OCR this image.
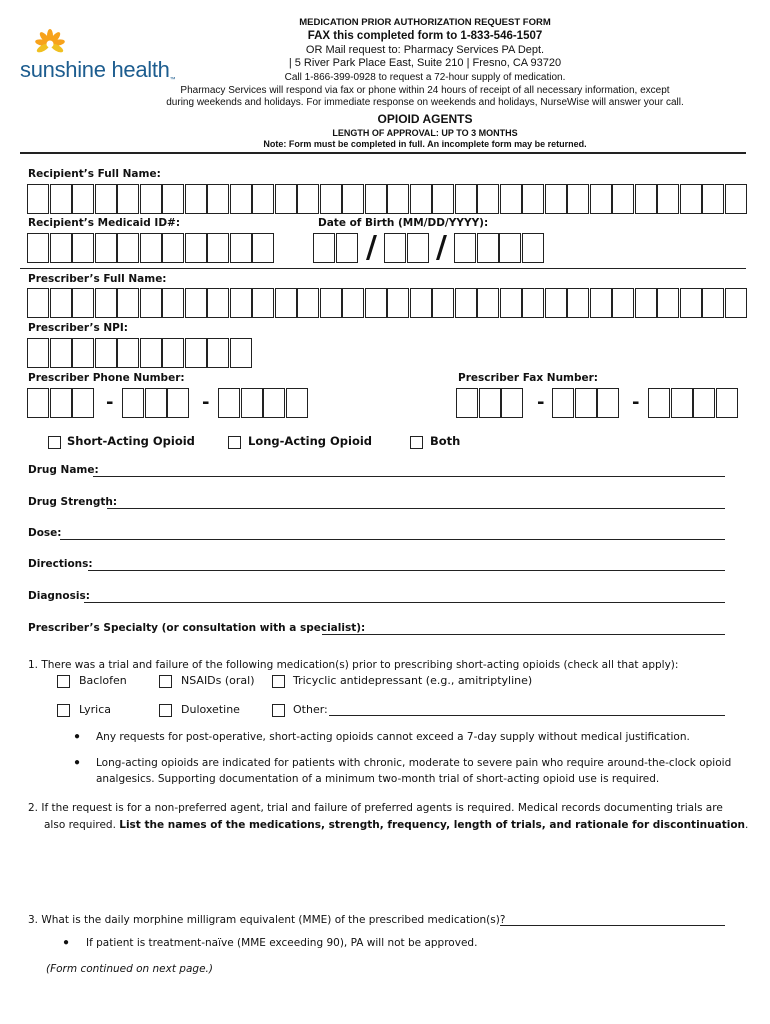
sunshine health™
MEDICATION PRIOR AUTHORIZATION REQUEST FORM
FAX this completed form to 1-833-546-1507
OR Mail request to: Pharmacy Services PA Dept.
| 5 River Park Place East, Suite 210 | Fresno, CA 93720
Call 1-866-399-0928 to request a 72-hour supply of medication.
Pharmacy Services will respond via fax or phone within 24 hours of receipt of all necessary information, except
during weekends and holidays. For immediate response on weekends and holidays, NurseWise will answer your call.
OPIOID AGENTS
LENGTH OF APPROVAL: UP TO 3 MONTHS
Note: Form must be completed in full. An incomplete form may be returned.
Recipient’s Full Name:
Recipient’s Medicaid ID#:	Date of Birth (MM/DD/YYYY):
/ /
Prescriber’s Full Name:
Prescriber’s NPI:
Prescriber Phone Number:	Prescriber Fax Number:
-	-	-	-
Short-Acting Opioid	Long-Acting Opioid	Both
Drug Name:
Drug Strength:
Dose:
Directions:
Diagnosis:
Prescriber’s Specialty (or consultation with a specialist):
1. There was a trial and failure of the following medication(s) prior to prescribing short-acting opioids (check all that apply):
Baclofen	NSAIDs (oral)	Tricyclic antidepressant (e.g., amitriptyline)
Lyrica	Duloxetine	Other:
● Any requests for post-operative, short-acting opioids cannot exceed a 7-day supply without medical justification.
● Long-acting opioids are indicated for patients with chronic, moderate to severe pain who require around-the-clock opioid
analgesics. Supporting documentation of a minimum two-month trial of short-acting opioid use is required.
2. If the request is for a non-preferred agent, trial and failure of preferred agents is required. Medical records documenting trials are
also required. List the names of the medications, strength, frequency, length of trials, and rationale for discontinuation.
3. What is the daily morphine milligram equivalent (MME) of the prescribed medication(s)?
● If patient is treatment-naïve (MME exceeding 90), PA will not be approved.
(Form continued on next page.)
